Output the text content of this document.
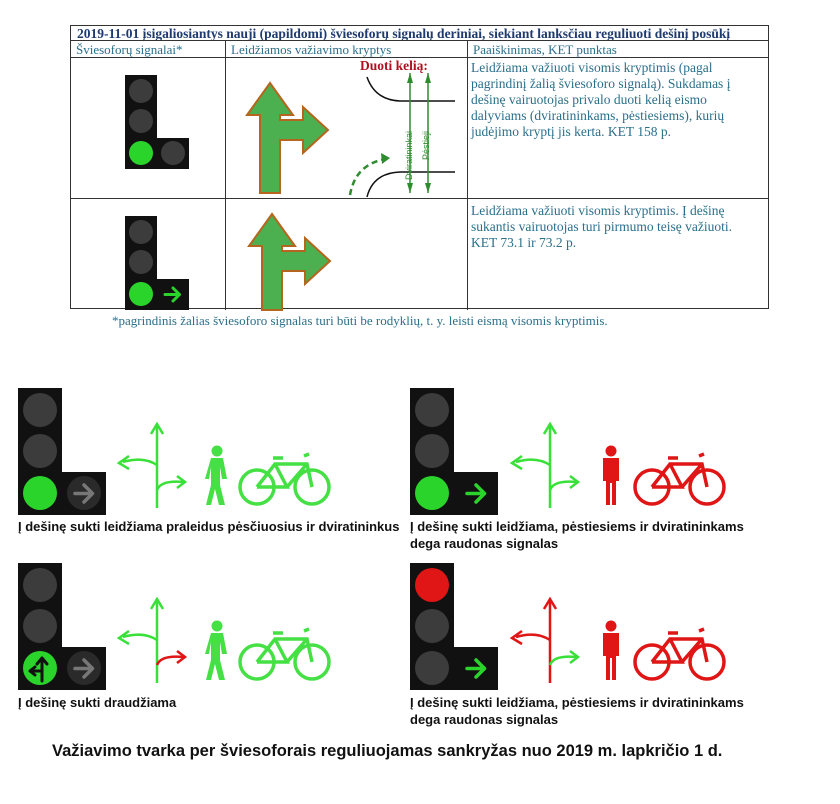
2019-11-01 įsigaliosiantys nauji (papildomi) šviesoforų signalų deriniai, siekiant lanksčiau reguliuoti dešinį posūkį
Šviesoforų signalai*	Leidžiamos važiavimo kryptys	Paaiškinimas, KET punktas
Leidžiama važiuoti visomis kryptimis (pagal
pagrindinį žalią šviesoforo signalą). Sukdamas į
dešinę vairuotojas privalo duoti kelią eismo
dalyviams (dviratininkams, pėstiesiems), kurių
judėjimo kryptį jis kerta. KET 158 p.
Leidžiama važiuoti visomis kryptimis. Į dešinę
sukantis vairuotojas turi pirmumo teisę važiuoti.
KET 73.1 ir 73.2 p.
Duoti kelią:
Dviratininkai Pėstieji
*pagrindinis žalias šviesoforo signalas turi būti be rodyklių, t. y. leisti eismą visomis kryptimis.
Į dešinę sukti leidžiama praleidus pėsčiuosius ir dviratininkus Į dešinę sukti leidžiama, pėstiesiems ir dviratininkams
dega raudonas signalas
Į dešinę sukti draudžiama	Į dešinę sukti leidžiama, pėstiesiems ir dviratininkams
dega raudonas signalas
Važiavimo tvarka per šviesoforais reguliuojamas sankryžas nuo 2019 m. lapkričio 1 d.
